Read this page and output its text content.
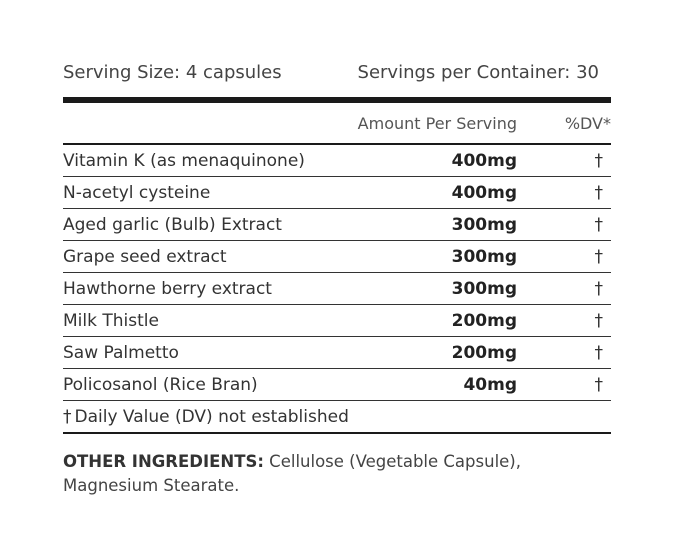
Serving Size: 4 capsules	Servings per Container: 30
Amount Per Serving	%DV*
Vitamin K (as menaquinone)	400mg	†
N-acetyl cysteine	400mg	†
Aged garlic (Bulb) Extract	300mg	†
Grape seed extract	300mg	†
Hawthorne berry extract	300mg	†
Milk Thistle	200mg	†
Saw Palmetto	200mg	†
Policosanol (Rice Bran)	40mg	†
† Daily Value (DV) not established
OTHER INGREDIENTS: Cellulose (Vegetable Capsule), Magnesium Stearate.
